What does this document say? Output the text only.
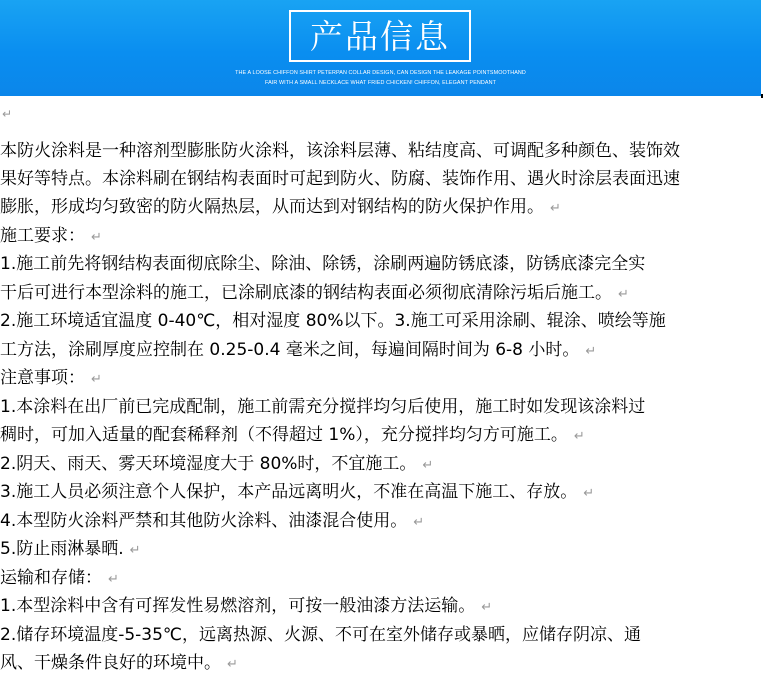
产品信息
THE A LOOSE CHIFFON SHIRT PETERPAN COLLAR DESIGN, CAN DESIGN THE LEAKAGE POINTSMOOTHAND
FAIR WITH A SMALL NECKLACE WHAT FRIED CHICKEN! CHIFFON, ELEGANT PENDANT
↵
本防火涂料是一种溶剂型膨胀防火涂料，该涂料层薄、粘结度高、可调配多种颜色、装饰效
果好等特点。本涂料刷在钢结构表面时可起到防火、防腐、装饰作用、遇火时涂层表面迅速
膨胀，形成均匀致密的防火隔热层，从而达到对钢结构的防火保护作用。 ↵
施工要求： ↵
1.施工前先将钢结构表面彻底除尘、除油、除锈，涂刷两遍防锈底漆，防锈底漆完全实
干后可进行本型涂料的施工，已涂刷底漆的钢结构表面必须彻底清除污垢后施工。 ↵
2.施工环境适宜温度 0-40℃，相对湿度 80%以下。3.施工可采用涂刷、辊涂、喷绘等施
工方法，涂刷厚度应控制在 0.25-0.4 毫米之间，每遍间隔时间为 6-8 小时。 ↵
注意事项： ↵
1.本涂料在出厂前已完成配制，施工前需充分搅拌均匀后使用，施工时如发现该涂料过
稠时，可加入适量的配套稀释剂（不得超过 1%），充分搅拌均匀方可施工。 ↵
2.阴天、雨天、雾天环境湿度大于 80%时，不宜施工。 ↵
3.施工人员必须注意个人保护，本产品远离明火，不准在高温下施工、存放。 ↵
4.本型防火涂料严禁和其他防火涂料、油漆混合使用。 ↵
5.防止雨淋暴晒. ↵
运输和存储： ↵
1.本型涂料中含有可挥发性易燃溶剂，可按一般油漆方法运输。 ↵
2.储存环境温度-5-35℃，远离热源、火源、不可在室外储存或暴晒，应储存阴凉、通
风、干燥条件良好的环境中。 ↵
